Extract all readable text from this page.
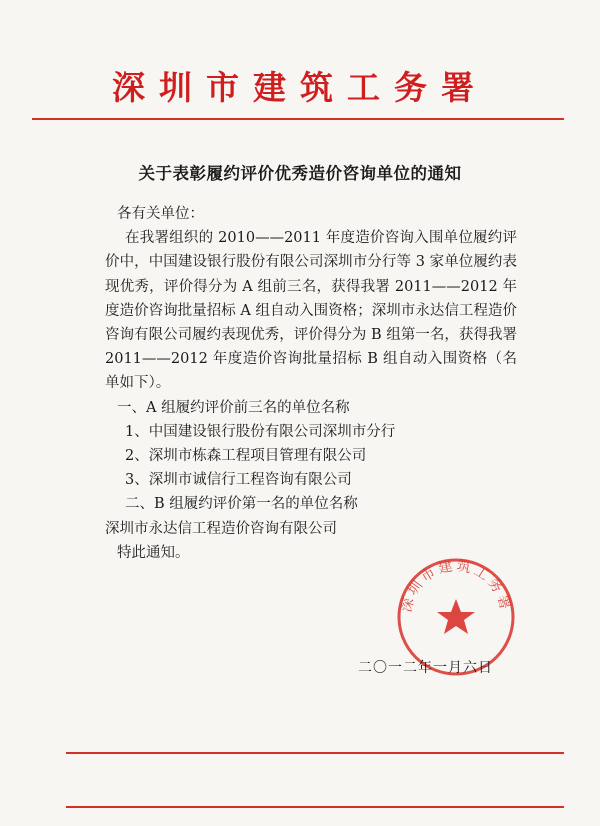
深圳市建筑工务署
关于表彰履约评价优秀造价咨询单位的通知

各有关单位：

在我署组织的 2010——2011 年度造价咨询入围单位履约评价中，中国建设银行股份有限公司深圳市分行等 3 家单位履约表现优秀，评价得分为 A 组前三名，获得我署 2011——2012 年度造价咨询批量招标 A 组自动入围资格；深圳市永达信工程造价咨询有限公司履约表现优秀，评价得分为 B 组第一名，获得我署 2011——2012 年度造价咨询批量招标 B 组自动入围资格（名单如下）。

一、A 组履约评价前三名的单位名称

1、中国建设银行股份有限公司深圳市分行

2、深圳市栋森工程项目管理有限公司

3、深圳市诚信行工程咨询有限公司

二、B 组履约评价第一名的单位名称

深圳市永达信工程造价咨询有限公司

特此通知。

深圳市建筑工务署
二〇一二年一月六日
